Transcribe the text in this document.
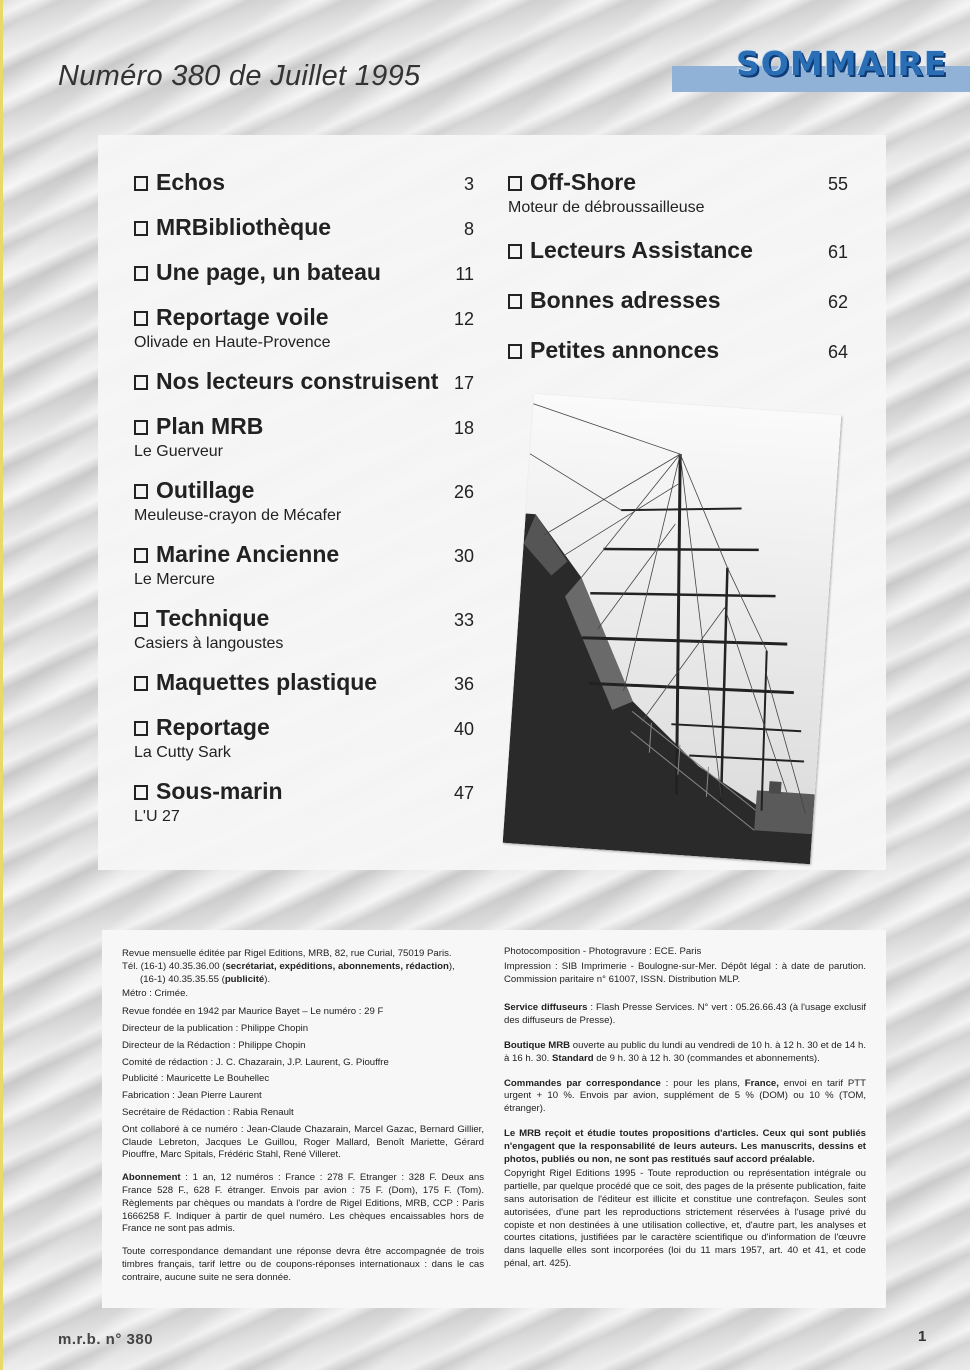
Numéro 380 de Juillet 1995	SOMMAIRE
Echos	3
MRBibliothèque	8
Une page, un bateau	11
Reportage voile	12
Olivade en Haute-Provence
Nos lecteurs construisent 17
Plan MRB	18
Le Guerveur
Outillage	26
Meuleuse-crayon de Mécafer
Marine Ancienne	30
Le Mercure
Technique	33
Casiers à langoustes
Maquettes plastique	36
Reportage	40
La Cutty Sark
Sous-marin	47
L'U 27
Off-Shore	55
Moteur de débroussailleuse
Lecteurs Assistance	61
Bonnes adresses	62
Petites annonces	64

Revue mensuelle éditée par Rigel Editions, MRB, 82, rue Curial, 75019 Paris.
Tél. (16-1) 40.35.36.00 (secrétariat, expéditions, abonnements, rédaction),
(16-1) 40.35.35.55 (publicité).

Métro : Crimée.

Revue fondée en 1942 par Maurice Bayet – Le numéro : 29 F

Directeur de la publication : Philippe Chopin

Directeur de la Rédaction : Philippe Chopin

Comité de rédaction : J. C. Chazarain, J.P. Laurent, G. Piouffre

Publicité : Mauricette Le Bouhellec

Fabrication : Jean Pierre Laurent

Secrétaire de Rédaction : Rabia Renault

Ont collaboré à ce numéro : Jean-Claude Chazarain, Marcel Gazac, Bernard Gillier, Claude Lebreton, Jacques Le Guillou, Roger Mallard, Benoît Mariette, Gérard Piouffre, Marc Spitals, Frédéric Stahl, René Villeret.

Abonnement : 1 an, 12 numéros : France : 278 F. Etranger : 328 F. Deux ans France 528 F., 628 F. étranger. Envois par avion : 75 F. (Dom), 175 F. (Tom). Règlements par chèques ou mandats à l'ordre de Rigel Editions, MRB, CCP : Paris 1666258 F. Indiquer à partir de quel numéro. Les chèques encaissables hors de France ne sont pas admis.

Toute correspondance demandant une réponse devra être accompagnée de trois timbres français, tarif lettre ou de coupons-réponses internationaux : dans le cas contraire, aucune suite ne sera donnée.

Photocomposition - Photogravure : ECE. Paris

Impression : SIB Imprimerie - Boulogne-sur-Mer. Dépôt légal : à date de parution. Commission paritaire n° 61007, ISSN. Distribution MLP.

Service diffuseurs : Flash Presse Services. N° vert : 05.26.66.43 (à l'usage exclusif des diffuseurs de Presse).

Boutique MRB ouverte au public du lundi au vendredi de 10 h. à 12 h. 30 et de 14 h. à 16 h. 30. Standard de 9 h. 30 à 12 h. 30 (commandes et abonnements).

Commandes par correspondance : pour les plans, France, envoi en tarif PTT urgent + 10 %. Envois par avion, supplément de 5 % (DOM) ou 10 % (TOM, étranger).

Le MRB reçoit et étudie toutes propositions d'articles. Ceux qui sont publiés n'engagent que la responsabilité de leurs auteurs. Les manuscrits, dessins et photos, publiés ou non, ne sont pas restitués sauf accord préalable.

Copyright Rigel Editions 1995 - Toute reproduction ou représentation intégrale ou partielle, par quelque procédé que ce soit, des pages de la présente publication, faite sans autorisation de l'éditeur est illicite et constitue une contrefaçon. Seules sont autorisées, d'une part les reproductions strictement réservées à l'usage privé du copiste et non destinées à une utilisation collective, et, d'autre part, les analyses et courtes citations, justifiées par le caractère scientifique ou d'information de l'œuvre dans laquelle elles sont incorporées (loi du 11 mars 1957, art. 40 et 41, et code pénal, art. 425).

m.r.b. n° 380	1
